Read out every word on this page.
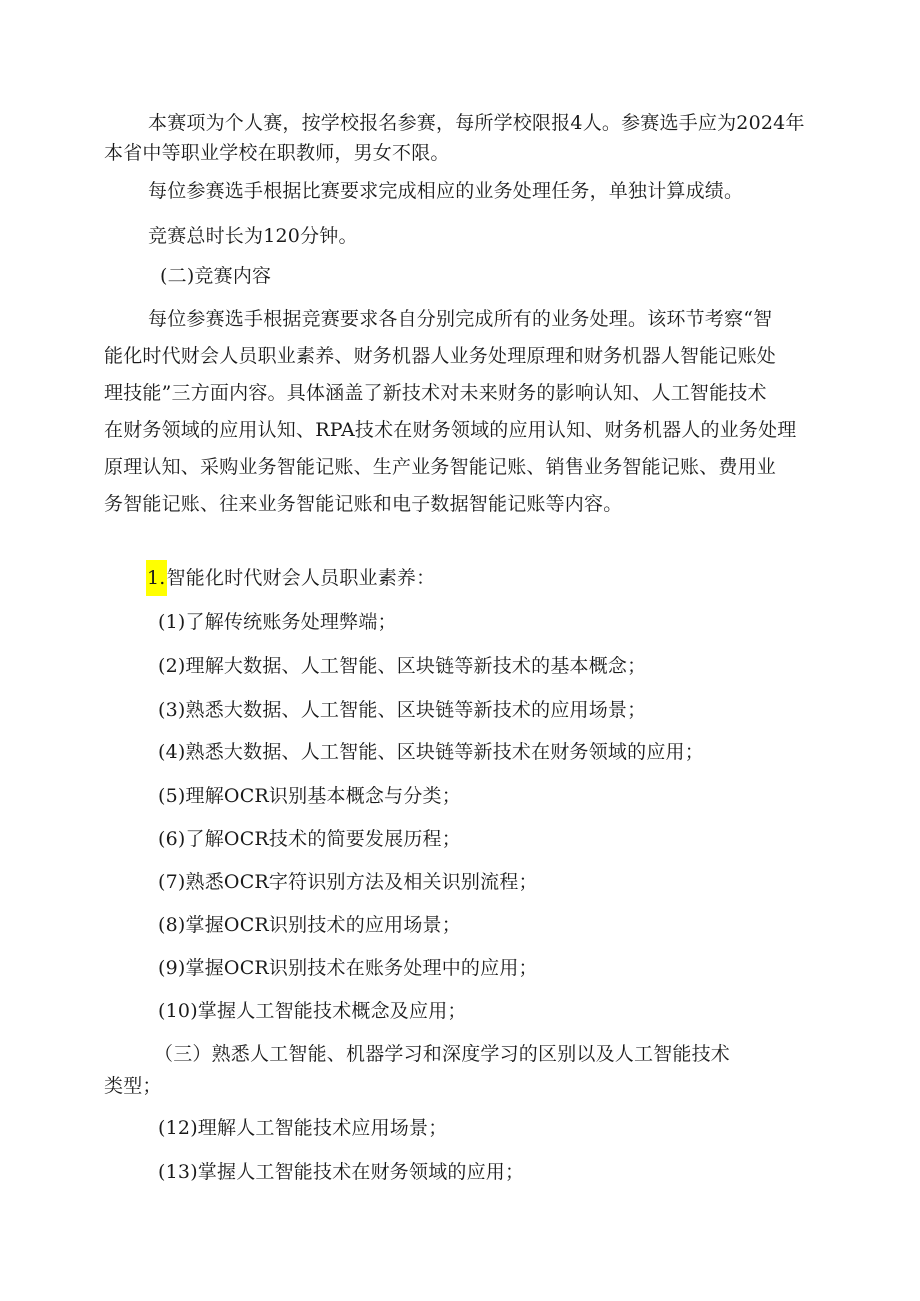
本赛项为个人赛，按学校报名参赛，每所学校限报4人。参赛选手应为2024年
本省中等职业学校在职教师，男女不限。
每位参赛选手根据比赛要求完成相应的业务处理任务，单独计算成绩。
竞赛总时长为120分钟。
(二)竞赛内容
每位参赛选手根据竞赛要求各自分别完成所有的业务处理。该环节考察“智
能化时代财会人员职业素养、财务机器人业务处理原理和财务机器人智能记账处
理技能”三方面内容。具体涵盖了新技术对未来财务的影响认知、人工智能技术
在财务领域的应用认知、RPA技术在财务领域的应用认知、财务机器人的业务处理
原理认知、采购业务智能记账、生产业务智能记账、销售业务智能记账、费用业
务智能记账、往来业务智能记账和电子数据智能记账等内容。
1.智能化时代财会人员职业素养：
(1)了解传统账务处理弊端；
(2)理解大数据、人工智能、区块链等新技术的基本概念；
(3)熟悉大数据、人工智能、区块链等新技术的应用场景；
(4)熟悉大数据、人工智能、区块链等新技术在财务领域的应用；
(5)理解OCR识别基本概念与分类；
(6)了解OCR技术的简要发展历程；
(7)熟悉OCR字符识别方法及相关识别流程；
(8)掌握OCR识别技术的应用场景；
(9)掌握OCR识别技术在账务处理中的应用；
(10)掌握人工智能技术概念及应用；
（三）熟悉人工智能、机器学习和深度学习的区别以及人工智能技术
类型；
(12)理解人工智能技术应用场景；
(13)掌握人工智能技术在财务领域的应用；
